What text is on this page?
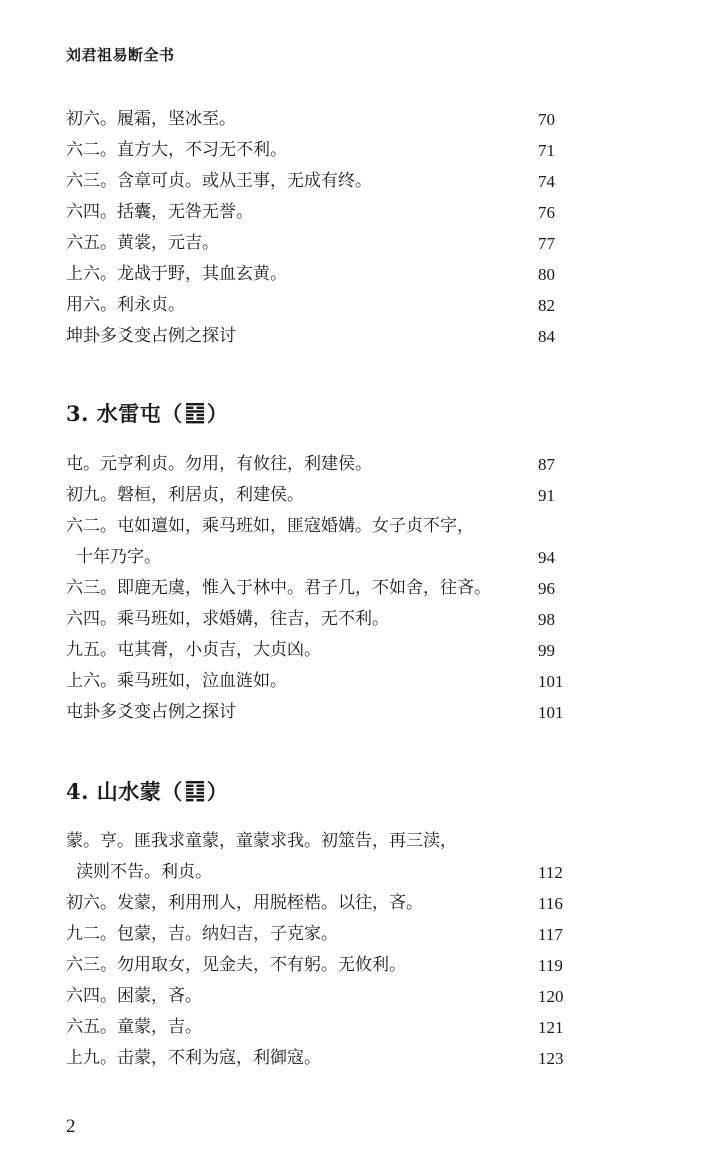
刘君祖易断全书
初六。履霜，坚冰至。	70
六二。直方大，不习无不利。	71
六三。含章可贞。或从王事，无成有终。	74
六四。括囊，无咎无誉。	76
六五。黄裳，元吉。	77
上六。龙战于野，其血玄黄。	80
用六。利永贞。	82
坤卦多爻变占例之探讨	84
3. 水雷屯（ ）
屯。元亨利贞。勿用，有攸往，利建侯。	87
初九。磐桓，利居贞，利建侯。	91
六二。屯如邅如，乘马班如，匪寇婚媾。女子贞不字，
十年乃字。	94
六三。即鹿无虞，惟入于林中。君子几，不如舍，往吝。	96
六四。乘马班如，求婚媾，往吉，无不利。	98
九五。屯其膏，小贞吉，大贞凶。	99
上六。乘马班如，泣血涟如。	101
屯卦多爻变占例之探讨	101
4. 山水蒙（ ）
蒙。亨。匪我求童蒙，童蒙求我。初筮告，再三渎，
渎则不告。利贞。	112
初六。发蒙，利用刑人，用脱桎梏。以往，吝。	116
九二。包蒙，吉。纳妇吉，子克家。	117
六三。勿用取女，见金夫，不有躬。无攸利。	119
六四。困蒙，吝。	120
六五。童蒙，吉。	121
上九。击蒙，不利为寇，利御寇。	123
2
